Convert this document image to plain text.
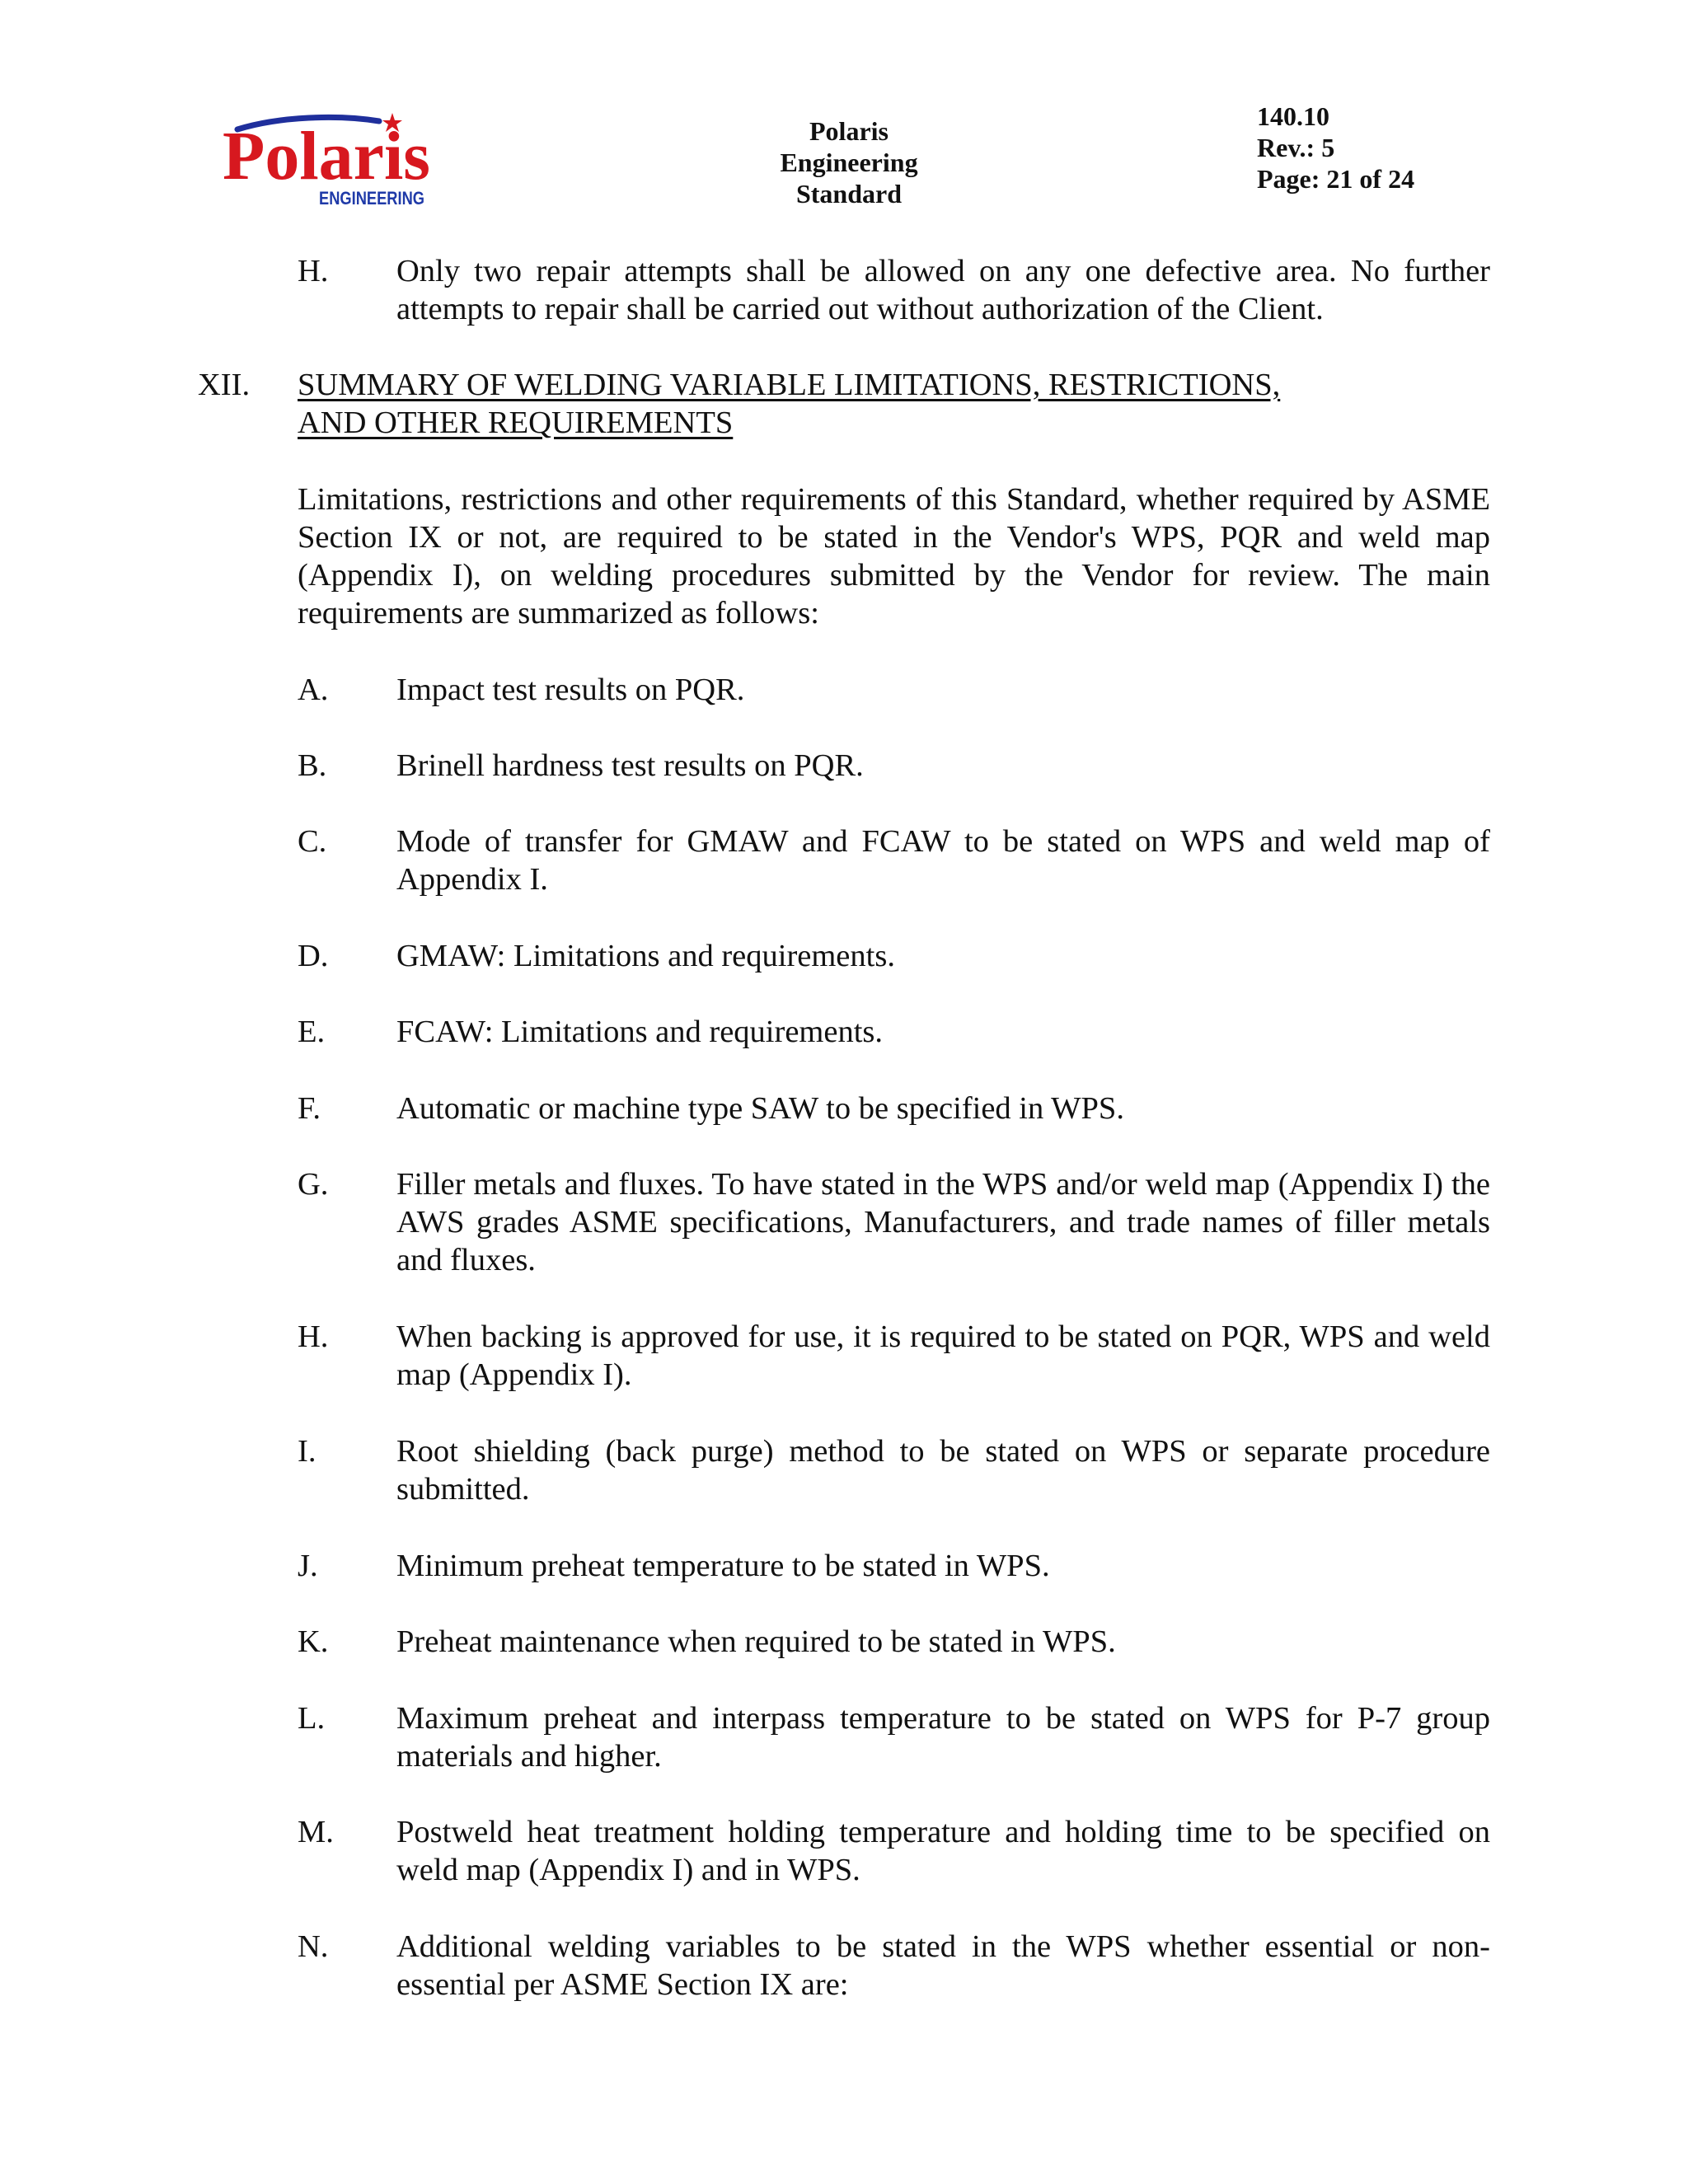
Polaris
ENGINEERING
Polaris
Engineering
Standard
140.10
Rev.: 5
Page: 21 of 24
H. Only two repair attempts shall be allowed on any one defective area. No further attempts to repair shall be carried out without authorization of the Client.
XII. SUMMARY OF WELDING VARIABLE LIMITATIONS, RESTRICTIONS,
AND OTHER REQUIREMENTS
Limitations, restrictions and other requirements of this Standard, whether required by ASME Section IX or not, are required to be stated in the Vendor's WPS, PQR and weld map (Appendix I), on welding procedures submitted by the Vendor for review. The main requirements are summarized as follows:
A. Impact test results on PQR.
B. Brinell hardness test results on PQR.
C. Mode of transfer for GMAW and FCAW to be stated on WPS and weld map of Appendix I.
D. GMAW: Limitations and requirements.
E. FCAW: Limitations and requirements.
F. Automatic or machine type SAW to be specified in WPS.
G. Filler metals and fluxes. To have stated in the WPS and/or weld map (Appendix I) the AWS grades ASME specifications, Manufacturers, and trade names of filler metals and fluxes.
H. When backing is approved for use, it is required to be stated on PQR, WPS and weld map (Appendix I).
I.	Root shielding (back purge) method to be stated on WPS or separate procedure submitted.
J. Minimum preheat temperature to be stated in WPS.
K. Preheat maintenance when required to be stated in WPS.
L. Maximum preheat and interpass temperature to be stated on WPS for P-7 group materials and higher.
M. Postweld heat treatment holding temperature and holding time to be specified on weld map (Appendix I) and in WPS.
N. Additional welding variables to be stated in the WPS whether essential or non-essential per ASME Section IX are:
